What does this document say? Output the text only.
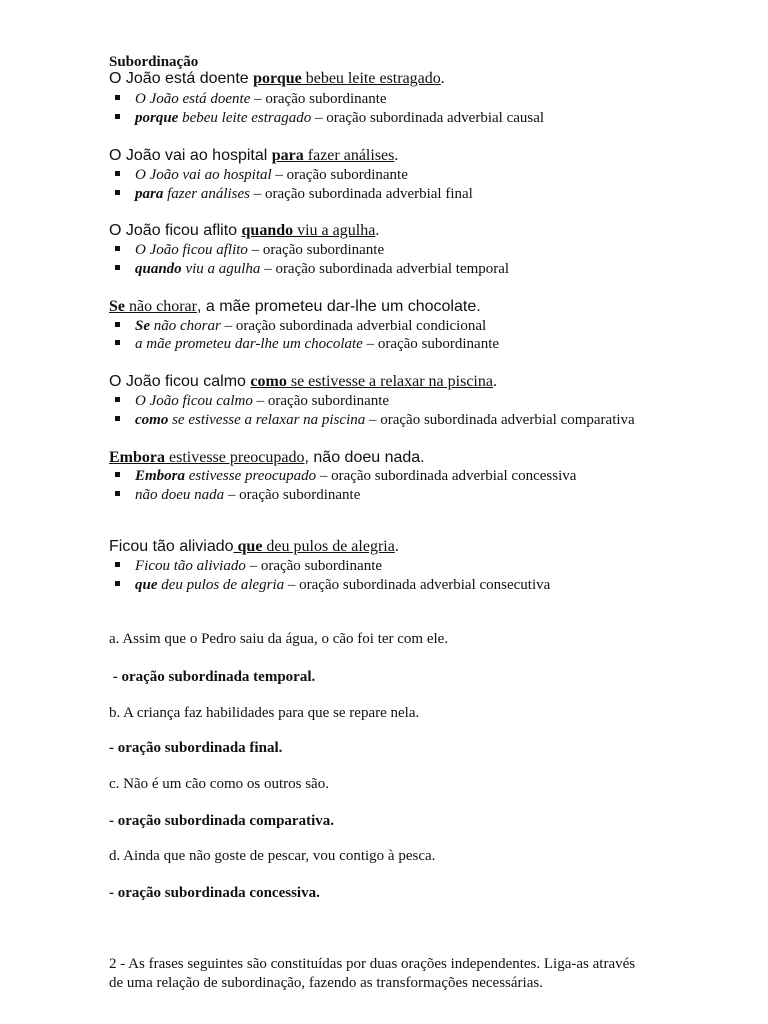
Subordinação
O João está doente porque bebeu leite estragado.
O João está doente – oração subordinante
porque bebeu leite estragado – oração subordinada adverbial causal
O João vai ao hospital para fazer análises.
O João vai ao hospital – oração subordinante
para fazer análises – oração subordinada adverbial final
O João ficou aflito quando viu a agulha.
O João ficou aflito – oração subordinante
quando viu a agulha – oração subordinada adverbial temporal
Se não chorar, a mãe prometeu dar-lhe um chocolate.
Se não chorar – oração subordinada adverbial condicional
a mãe prometeu dar-lhe um chocolate – oração subordinante
O João ficou calmo como se estivesse a relaxar na piscina.
O João ficou calmo – oração subordinante
como se estivesse a relaxar na piscina – oração subordinada adverbial comparativa
Embora estivesse preocupado, não doeu nada.
Embora estivesse preocupado – oração subordinada adverbial concessiva
não doeu nada – oração subordinante
Ficou tão aliviado que deu pulos de alegria.
Ficou tão aliviado – oração subordinante
que deu pulos de alegria – oração subordinada adverbial consecutiva
a. Assim que o Pedro saiu da água, o cão foi ter com ele.
- oração subordinada temporal.
b. A criança faz habilidades para que se repare nela.
- oração subordinada final.
c. Não é um cão como os outros são.
- oração subordinada comparativa.
d. Ainda que não goste de pescar, vou contigo à pesca.
- oração subordinada concessiva.
2 - As frases seguintes são constituídas por duas orações independentes. Liga-as através
de uma relação de subordinação, fazendo as transformações necessárias.
